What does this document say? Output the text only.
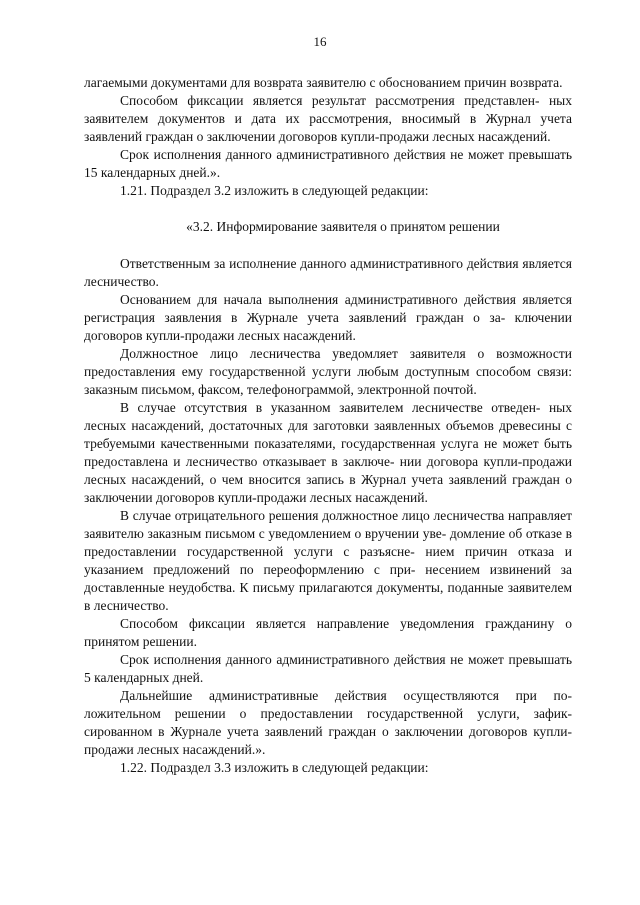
16

лагаемыми документами для возврата заявителю с обоснованием причин возврата.

Способом фиксации является результат рассмотрения представлен- ных заявителем документов и дата их рассмотрения, вносимый в Журнал учета заявлений граждан о заключении договоров купли-продажи лесных насаждений.

Срок исполнения данного административного действия не может превышать 15 календарных дней.».

1.21. Подраздел 3.2 изложить в следующей редакции:

«3.2. Информирование заявителя о принятом решении

Ответственным за исполнение данного административного действия является лесничество.

Основанием для начала выполнения административного действия является регистрация заявления в Журнале учета заявлений граждан о за- ключении договоров купли-продажи лесных насаждений.

Должностное лицо лесничества уведомляет заявителя о возможности предоставления ему государственной услуги любым доступным способом связи: заказным письмом, факсом, телефонограммой, электронной почтой.

В случае отсутствия в указанном заявителем лесничестве отведен- ных лесных насаждений, достаточных для заготовки заявленных объемов древесины с требуемыми качественными показателями, государственная услуга не может быть предоставлена и лесничество отказывает в заключе- нии договора купли-продажи лесных насаждений, о чем вносится запись в Журнал учета заявлений граждан о заключении договоров купли-продажи лесных насаждений.

В случае отрицательного решения должностное лицо лесничества направляет заявителю заказным письмом с уведомлением о вручении уве- домление об отказе в предоставлении государственной услуги с разъясне- нием причин отказа и указанием предложений по переоформлению с при- несением извинений за доставленные неудобства. К письму прилагаются документы, поданные заявителем в лесничество.

Способом фиксации является направление уведомления гражданину о принятом решении.

Срок исполнения данного административного действия не может превышать 5 календарных дней.

Дальнейшие административные действия осуществляются при по- ложительном решении о предоставлении государственной услуги, зафик- сированном в Журнале учета заявлений граждан о заключении договоров купли-продажи лесных насаждений.».

1.22. Подраздел 3.3 изложить в следующей редакции:
